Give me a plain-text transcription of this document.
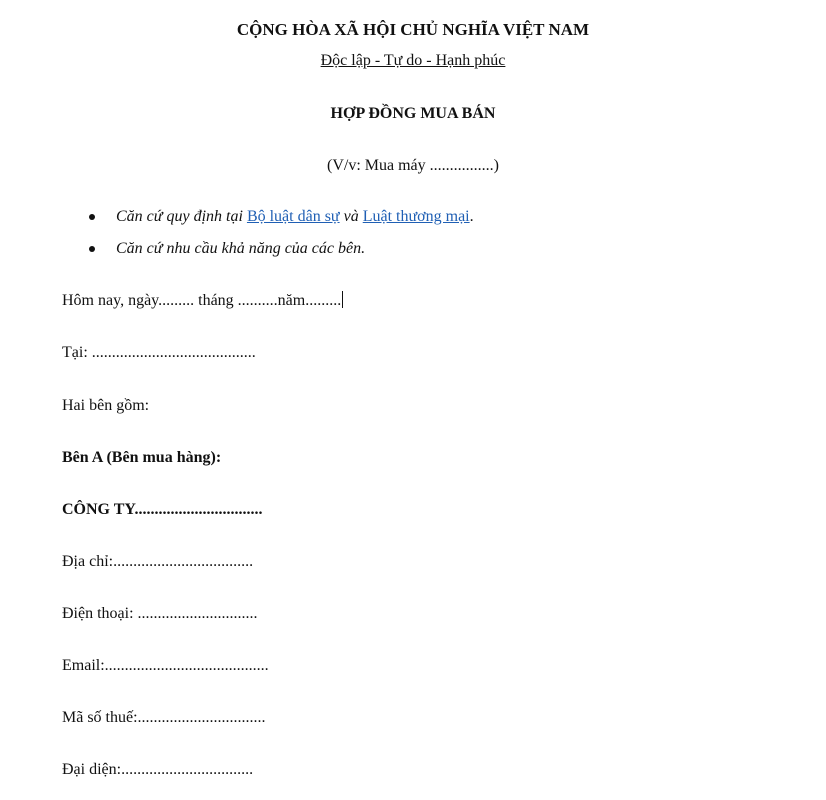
CỘNG HÒA XÃ HỘI CHỦ NGHĨA VIỆT NAM
Độc lập - Tự do - Hạnh phúc
HỢP ĐỒNG MUA BÁN
(V/v: Mua máy ................)
Căn cứ quy định tại Bộ luật dân sự và Luật thương mại.
Căn cứ nhu cầu khả năng của các bên.
Hôm nay, ngày......... tháng ..........năm.........
Tại: .........................................
Hai bên gồm:
Bên A (Bên mua hàng):
CÔNG TY................................
Địa chỉ:...................................
Điện thoại: ..............................
Email:.........................................
Mã số thuế:................................
Đại diện:.................................
